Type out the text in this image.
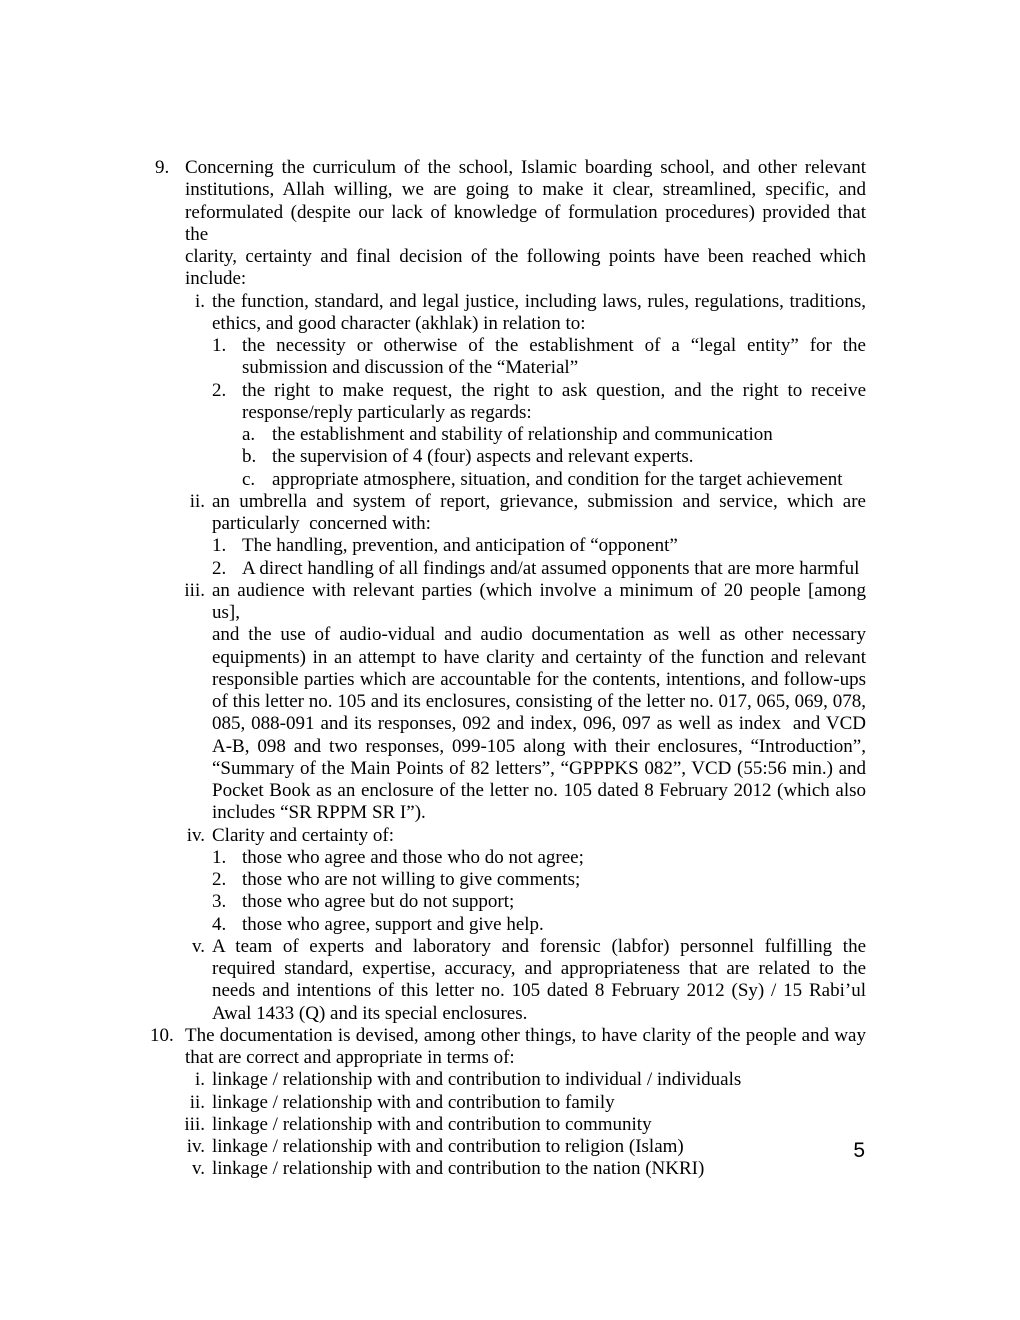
9. Concerning the curriculum of the school, Islamic boarding school, and other relevant
institutions, Allah willing, we are going to make it clear, streamlined, specific, and
reformulated (despite our lack of knowledge of formulation procedures) provided that the
clarity, certainty and final decision of the following points have been reached which
include:
i. the function, standard, and legal justice, including laws, rules, regulations, traditions,
ethics, and good character (akhlak) in relation to:
1. the necessity or otherwise of the establishment of a “legal entity” for the
submission and discussion of the “Material”
2. the right to make request, the right to ask question, and the right to receive
response/reply particularly as regards:
a. the establishment and stability of relationship and communication
b. the supervision of 4 (four) aspects and relevant experts.
c. appropriate atmosphere, situation, and condition for the target achievement
ii. an umbrella and system of report, grievance, submission and service, which are
particularly  concerned with:
1. The handling, prevention, and anticipation of “opponent”
2. A direct handling of all findings and/at assumed opponents that are more harmful
iii. an audience with relevant parties (which involve a minimum of 20 people [among us],
and the use of audio-vidual and audio documentation as well as other necessary
equipments) in an attempt to have clarity and certainty of the function and relevant
responsible parties which are accountable for the contents, intentions, and follow-ups
of this letter no. 105 and its enclosures, consisting of the letter no. 017, 065, 069, 078,
085, 088-091 and its responses, 092 and index, 096, 097 as well as index  and VCD
A-B, 098 and two responses, 099-105 along with their enclosures, “Introduction”,
“Summary of the Main Points of 82 letters”, “GPPPKS 082”, VCD (55:56 min.) and
Pocket Book as an enclosure of the letter no. 105 dated 8 February 2012 (which also
includes “SR RPPM SR I”).
iv. Clarity and certainty of:
1. those who agree and those who do not agree;
2. those who are not willing to give comments;
3. those who agree but do not support;
4. those who agree, support and give help.
v. A team of experts and laboratory and forensic (labfor) personnel fulfilling the
required standard, expertise, accuracy, and appropriateness that are related to the
needs and intentions of this letter no. 105 dated 8 February 2012 (Sy) / 15 Rabi’ul
Awal 1433 (Q) and its special enclosures.
10. The documentation is devised, among other things, to have clarity of the people and way
that are correct and appropriate in terms of:
i. linkage / relationship with and contribution to individual / individuals
ii. linkage / relationship with and contribution to family
iii. linkage / relationship with and contribution to community
iv. linkage / relationship with and contribution to religion (Islam)
v. linkage / relationship with and contribution to the nation (NKRI)
5
